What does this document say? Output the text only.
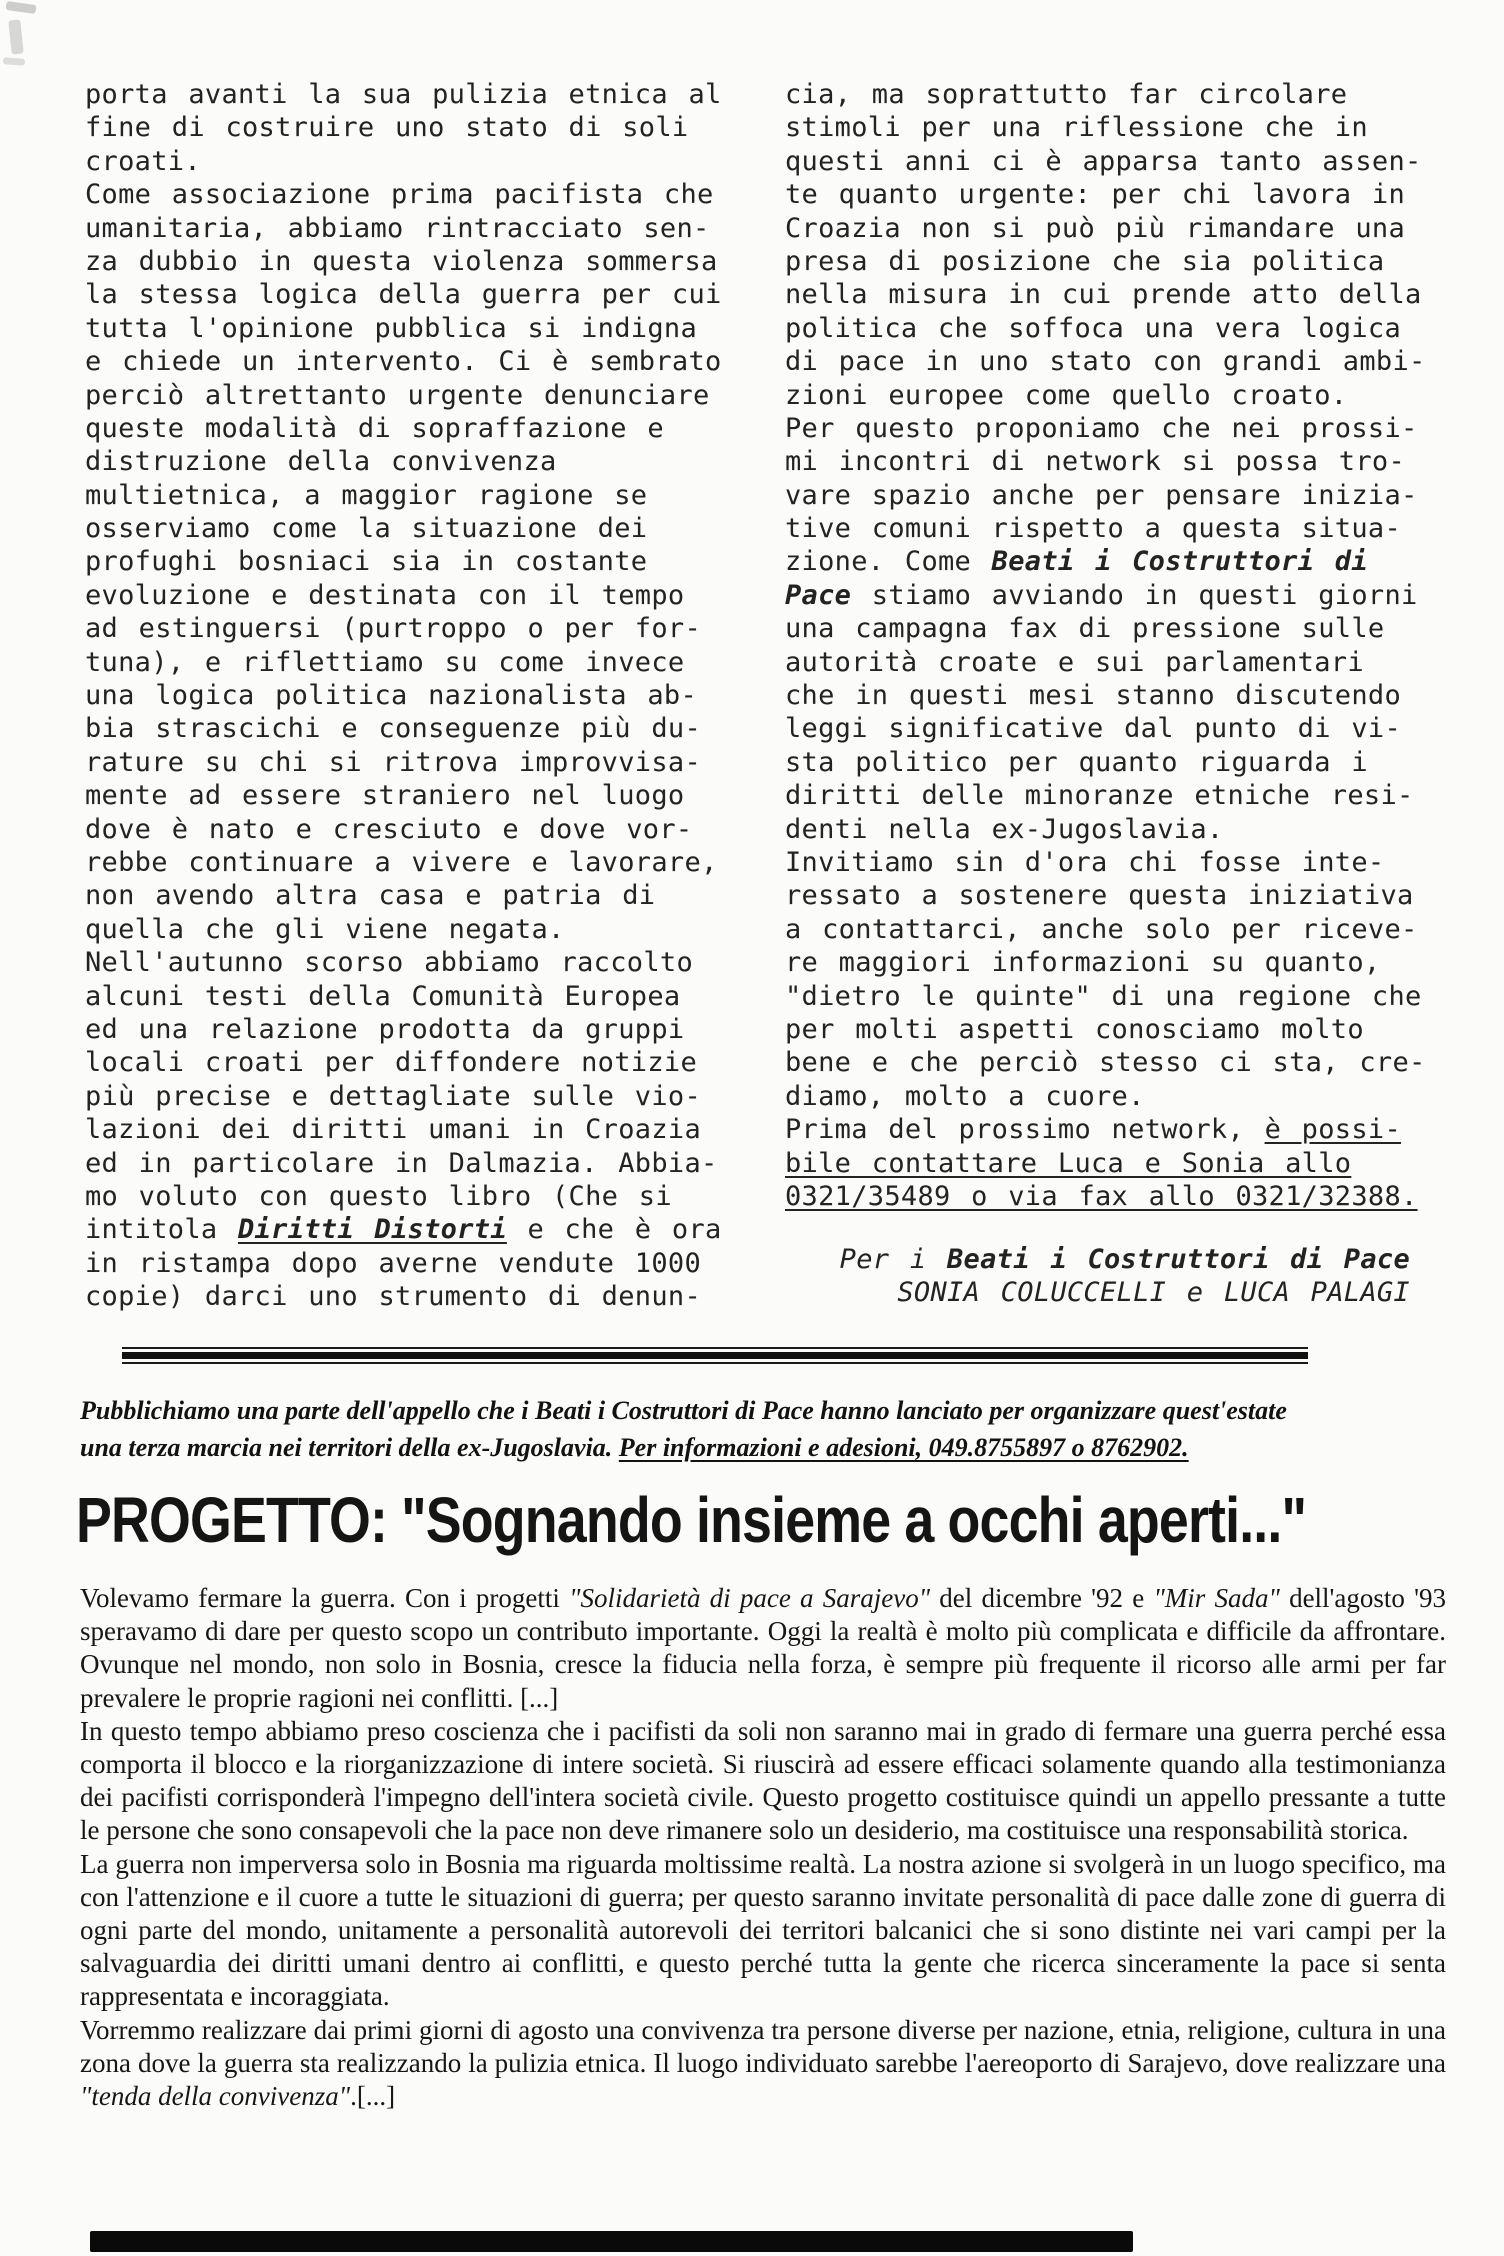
porta avanti la sua pulizia etnica al
fine di costruire uno stato di soli
croati.
Come associazione prima pacifista che
umanitaria, abbiamo rintracciato sen-
za dubbio in questa violenza sommersa
la stessa logica della guerra per cui
tutta l'opinione pubblica si indigna
e chiede un intervento. Ci è sembrato
perciò altrettanto urgente denunciare
queste modalità di sopraffazione e
distruzione della convivenza
multietnica, a maggior ragione se
osserviamo come la situazione dei
profughi bosniaci sia in costante
evoluzione e destinata con il tempo
ad estinguersi (purtroppo o per for-
tuna), e riflettiamo su come invece
una logica politica nazionalista ab-
bia strascichi e conseguenze più du-
rature su chi si ritrova improvvisa-
mente ad essere straniero nel luogo
dove è nato e cresciuto e dove vor-
rebbe continuare a vivere e lavorare,
non avendo altra casa e patria di
quella che gli viene negata.
Nell'autunno scorso abbiamo raccolto
alcuni testi della Comunità Europea
ed una relazione prodotta da gruppi
locali croati per diffondere notizie
più precise e dettagliate sulle vio-
lazioni dei diritti umani in Croazia
ed in particolare in Dalmazia. Abbia-
mo voluto con questo libro (Che si
intitola Diritti Distorti e che è ora
in ristampa dopo averne vendute 1000
copie) darci uno strumento di denun-
cia, ma soprattutto far circolare
stimoli per una riflessione che in
questi anni ci è apparsa tanto assen-
te quanto urgente: per chi lavora in
Croazia non si può più rimandare una
presa di posizione che sia politica
nella misura in cui prende atto della
politica che soffoca una vera logica
di pace in uno stato con grandi ambi-
zioni europee come quello croato.
Per questo proponiamo che nei prossi-
mi incontri di network si possa tro-
vare spazio anche per pensare inizia-
tive comuni rispetto a questa situa-
zione. Come Beati i Costruttori di
Pace stiamo avviando in questi giorni
una campagna fax di pressione sulle
autorità croate e sui parlamentari
che in questi mesi stanno discutendo
leggi significative dal punto di vi-
sta politico per quanto riguarda i
diritti delle minoranze etniche resi-
denti nella ex-Jugoslavia.
Invitiamo sin d'ora chi fosse inte-
ressato a sostenere questa iniziativa
a contattarci, anche solo per riceve-
re maggiori informazioni su quanto,
"dietro le quinte" di una regione che
per molti aspetti conosciamo molto
bene e che perciò stesso ci sta, cre-
diamo, molto a cuore.
Prima del prossimo network, è possi-
bile contattare Luca e Sonia allo
0321/35489 o via fax allo 0321/32388.
Per i Beati i Costruttori di Pace
SONIA COLUCCELLI e LUCA PALAGI
Pubblichiamo una parte dell'appello che i Beati i Costruttori di Pace hanno lanciato per organizzare quest'estate
una terza marcia nei territori della ex-Jugoslavia. Per informazioni e adesioni, 049.8755897 o 8762902.
PROGETTO: "Sognando insieme a occhi aperti..."

Volevamo fermare la guerra. Con i progetti "Solidarietà di pace a Sarajevo" del dicembre '92 e "Mir Sada" dell'agosto '93 speravamo di dare per questo scopo un contributo importante. Oggi la realtà è molto più complicata e difficile da affrontare. Ovunque nel mondo, non solo in Bosnia, cresce la fiducia nella forza, è sempre più frequente il ricorso alle armi per far prevalere le proprie ragioni nei conflitti. [...]

In questo tempo abbiamo preso coscienza che i pacifisti da soli non saranno mai in grado di fermare una guerra perché essa comporta il blocco e la riorganizzazione di intere società. Si riuscirà ad essere efficaci solamente quando alla testimonianza dei pacifisti corrisponderà l'impegno dell'intera società civile. Questo progetto costituisce quindi un appello pressante a tutte le persone che sono consapevoli che la pace non deve rimanere solo un desiderio, ma costituisce una responsabilità storica.

La guerra non imperversa solo in Bosnia ma riguarda moltissime realtà. La nostra azione si svolgerà in un luogo specifico, ma con l'attenzione e il cuore a tutte le situazioni di guerra; per questo saranno invitate personalità di pace dalle zone di guerra di ogni parte del mondo, unitamente a personalità autorevoli dei territori balcanici che si sono distinte nei vari campi per la salvaguardia dei diritti umani dentro ai conflitti, e questo perché tutta la gente che ricerca sinceramente la pace si senta rappresentata e incoraggiata.

Vorremmo realizzare dai primi giorni di agosto una convivenza tra persone diverse per nazione, etnia, religione, cultura in una zona dove la guerra sta realizzando la pulizia etnica. Il luogo individuato sarebbe l'aereoporto di Sarajevo, dove realizzare una "tenda della convivenza".[...]
